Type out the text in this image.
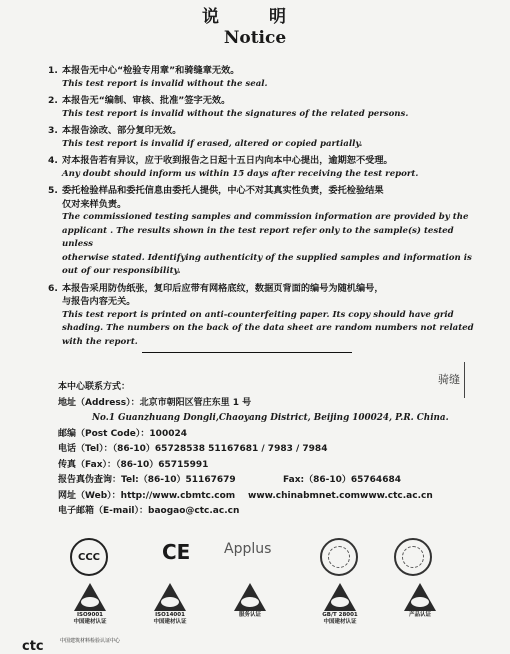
说 明
Notice
1. 本报告无中心“检验专用章”和骑缝章无效。
This test report is invalid without the seal.
2. 本报告无“编制、审核、批准”签字无效。
This test report is invalid without the signatures of the related persons.
3. 本报告涂改、部分复印无效。
This test report is invalid if erased, altered or copied partially.
4. 对本报告若有异议，应于收到报告之日起十五日内向本中心提出，逾期恕不受理。
Any doubt should inform us within 15 days after receiving the test report.
5. 委托检验样品和委托信息由委托人提供，中心不对其真实性负责，委托检验结果
仅对来样负责。
The commissioned testing samples and commission information are provided by the
applicant . The results shown in the test report refer only to the sample(s) tested unless
otherwise stated. Identifying authenticity of the supplied samples and information is
out of our responsibility.
6. 本报告采用防伪纸张，复印后应带有网格底纹，数据页背面的编号为随机编号，
与报告内容无关。
This test report is printed on anti-counterfeiting paper. Its copy should have grid
shading. The numbers on the back of the data sheet are random numbers not related
with the report.
骑缝
本中心联系方式：
地址（Address）：北京市朝阳区管庄东里 1 号
No.1 Guanzhuang Dongli,Chaoyang District, Beijing 100024, P.R. China.
邮编（Post Code）：100024
电话（Tel）：（86-10）65728538 51167681 / 7983 / 7984
传真（Fax）：（86-10）65715991
报告真伪查询：Tel:（86-10）51167679	Fax:（86-10）65764684
网址（Web）：http://www.cbmtc.com www.chinabmnet.com www.ctc.ac.cn
电子邮箱（E-mail）：baogao@ctc.ac.cn
CCC	CE Applus
ISO9001
中国建材认证
ISO14001
中国建材认证
服务认证	GB/T 28001
中国建材认证
产品认证
ctc	中国建筑材料检验认证中心
